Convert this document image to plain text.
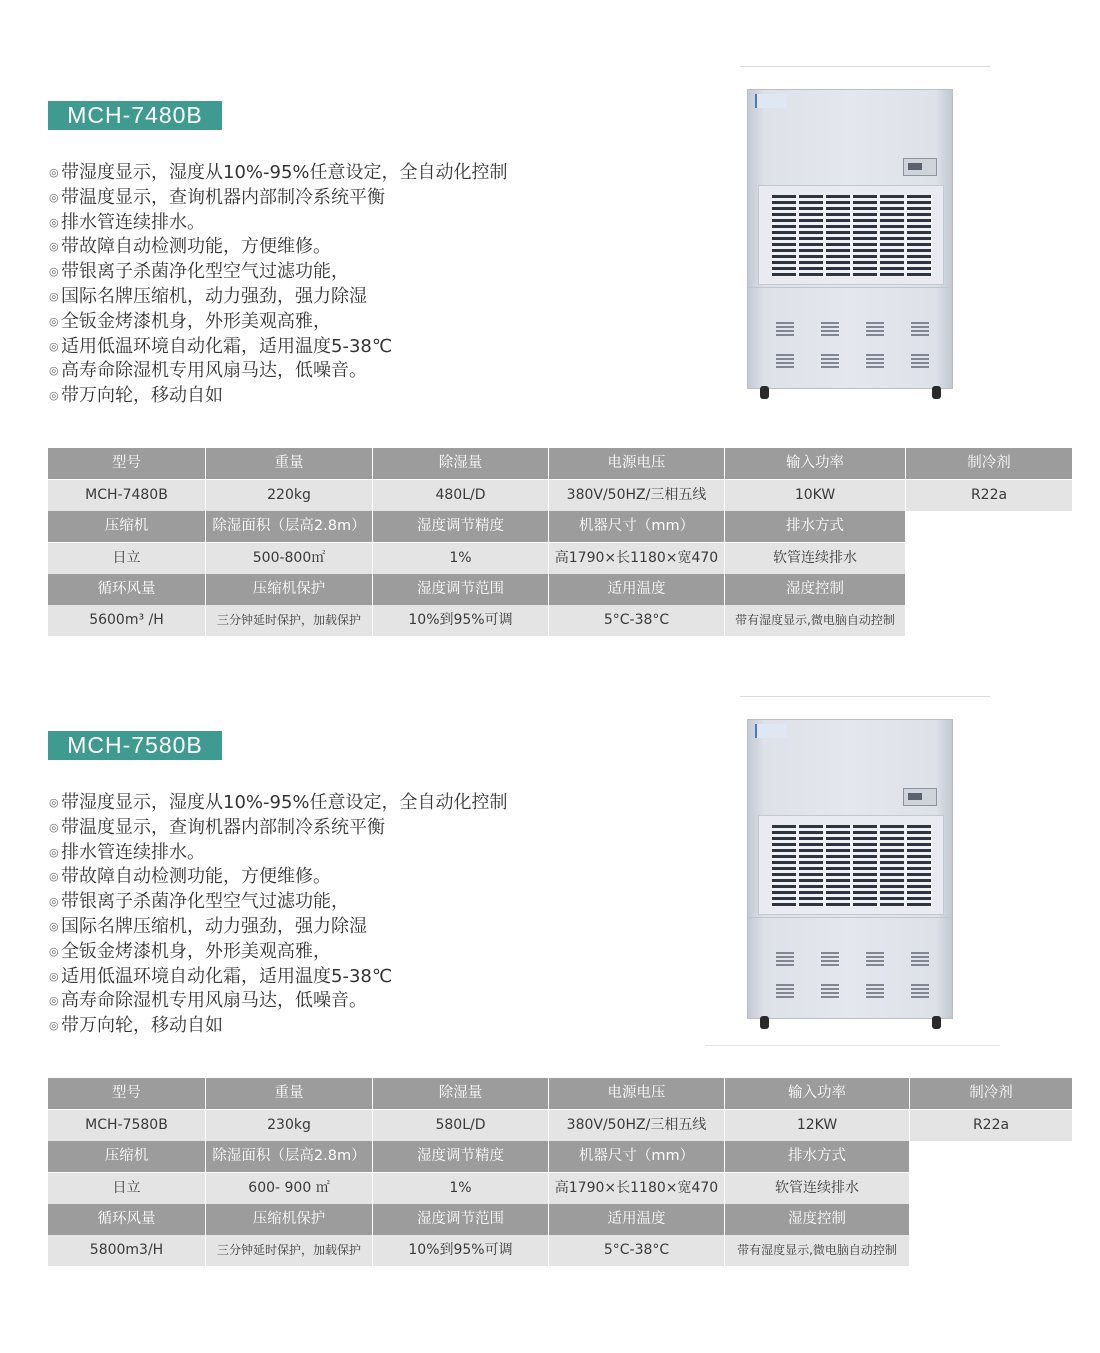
MCH-7480B
◎ 带湿度显示，湿度从10%-95%任意设定，全自动化控制
◎ 带温度显示，查询机器内部制冷系统平衡
◎ 排水管连续排水。
◎ 带故障自动检测功能，方便维修。
◎ 带银离子杀菌净化型空气过滤功能，
◎ 国际名牌压缩机，动力强劲，强力除湿
◎ 全钣金烤漆机身，外形美观高雅，
◎ 适用低温环境自动化霜，适用温度5-38℃
◎ 高寿命除湿机专用风扇马达，低噪音。
◎ 带万向轮，移动自如
型号	重量	除湿量	电源电压	输入功率	制冷剂
MCH-7480B	220kg	480L/D	380V/50HZ/三相五线	10KW	R22a
压缩机	除湿面积（层高2.8m）	湿度调节精度	机器尺寸（mm）	排水方式
日立	500-800㎡	1%	高1790×长1180×宽470	软管连续排水
循环风量	压缩机保护	湿度调节范围	适用温度	湿度控制
5600m³ /H	三分钟延时保护，加载保护	10%到95%可调	5°C-38°C	带有湿度显示,微电脑自动控制
MCH-7580B
◎ 带湿度显示，湿度从10%-95%任意设定，全自动化控制
◎ 带温度显示，查询机器内部制冷系统平衡
◎ 排水管连续排水。
◎ 带故障自动检测功能，方便维修。
◎ 带银离子杀菌净化型空气过滤功能，
◎ 国际名牌压缩机，动力强劲，强力除湿
◎ 全钣金烤漆机身，外形美观高雅，
◎ 适用低温环境自动化霜，适用温度5-38℃
◎ 高寿命除湿机专用风扇马达，低噪音。
◎ 带万向轮，移动自如
型号	重量	除湿量	电源电压	输入功率	制冷剂
MCH-7580B	230kg	580L/D	380V/50HZ/三相五线	12KW	R22a
压缩机	除湿面积（层高2.8m）	湿度调节精度	机器尺寸（mm）	排水方式
日立	600- 900 ㎡	1%	高1790×长1180×宽470	软管连续排水
循环风量	压缩机保护	湿度调节范围	适用温度	湿度控制
5800m3/H	三分钟延时保护，加载保护	10%到95%可调	5°C-38°C	带有湿度显示,微电脑自动控制
